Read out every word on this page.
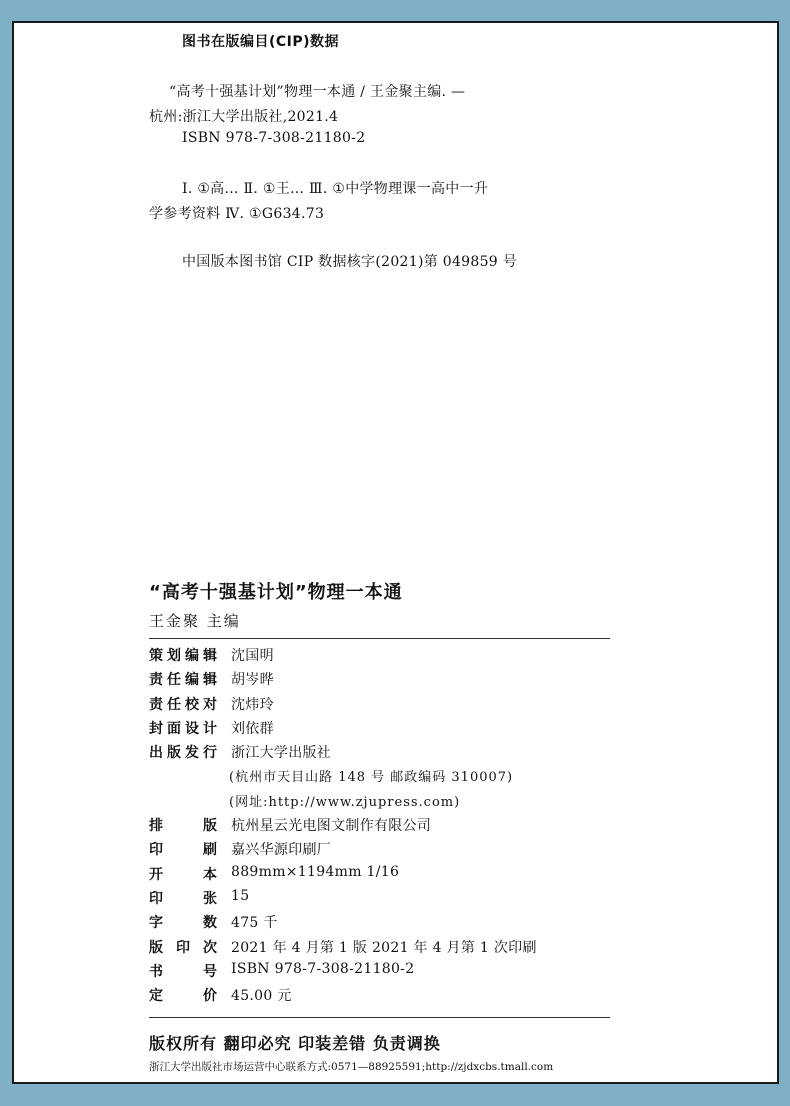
图书在版编目(CIP)数据
“高考十强基计划”物理一本通 / 王金聚主编. —
杭州:浙江大学出版社,2021.4
ISBN 978-7-308-21180-2
Ⅰ. ①高… Ⅱ. ①王… Ⅲ. ①中学物理课一高中一升
学参考资料 Ⅳ. ①G634.73
中国版本图书馆 CIP 数据核字(2021)第 049859 号
“高考十强基计划”物理一本通
王金聚 主编
策 划 编 辑 沈国明
责 任 编 辑 胡岑晔
责 任 校 对 沈炜玲
封 面 设 计 刘依群
出 版 发 行 浙江大学出版社
(杭州市天目山路 148 号 邮政编码 310007)
(网址:http://www.zjupress.com)
排	版 杭州星云光电图文制作有限公司
印	刷 嘉兴华源印刷厂
开	本 889mm×1194mm 1/16
印	张 15
字	数 475 千
版 印 次 2021 年 4 月第 1 版 2021 年 4 月第 1 次印刷
书	号 ISBN 978-7-308-21180-2
定	价 45.00 元
版权所有 翻印必究 印装差错 负责调换
浙江大学出版社市场运营中心联系方式:0571—88925591;http://zjdxcbs.tmall.com
